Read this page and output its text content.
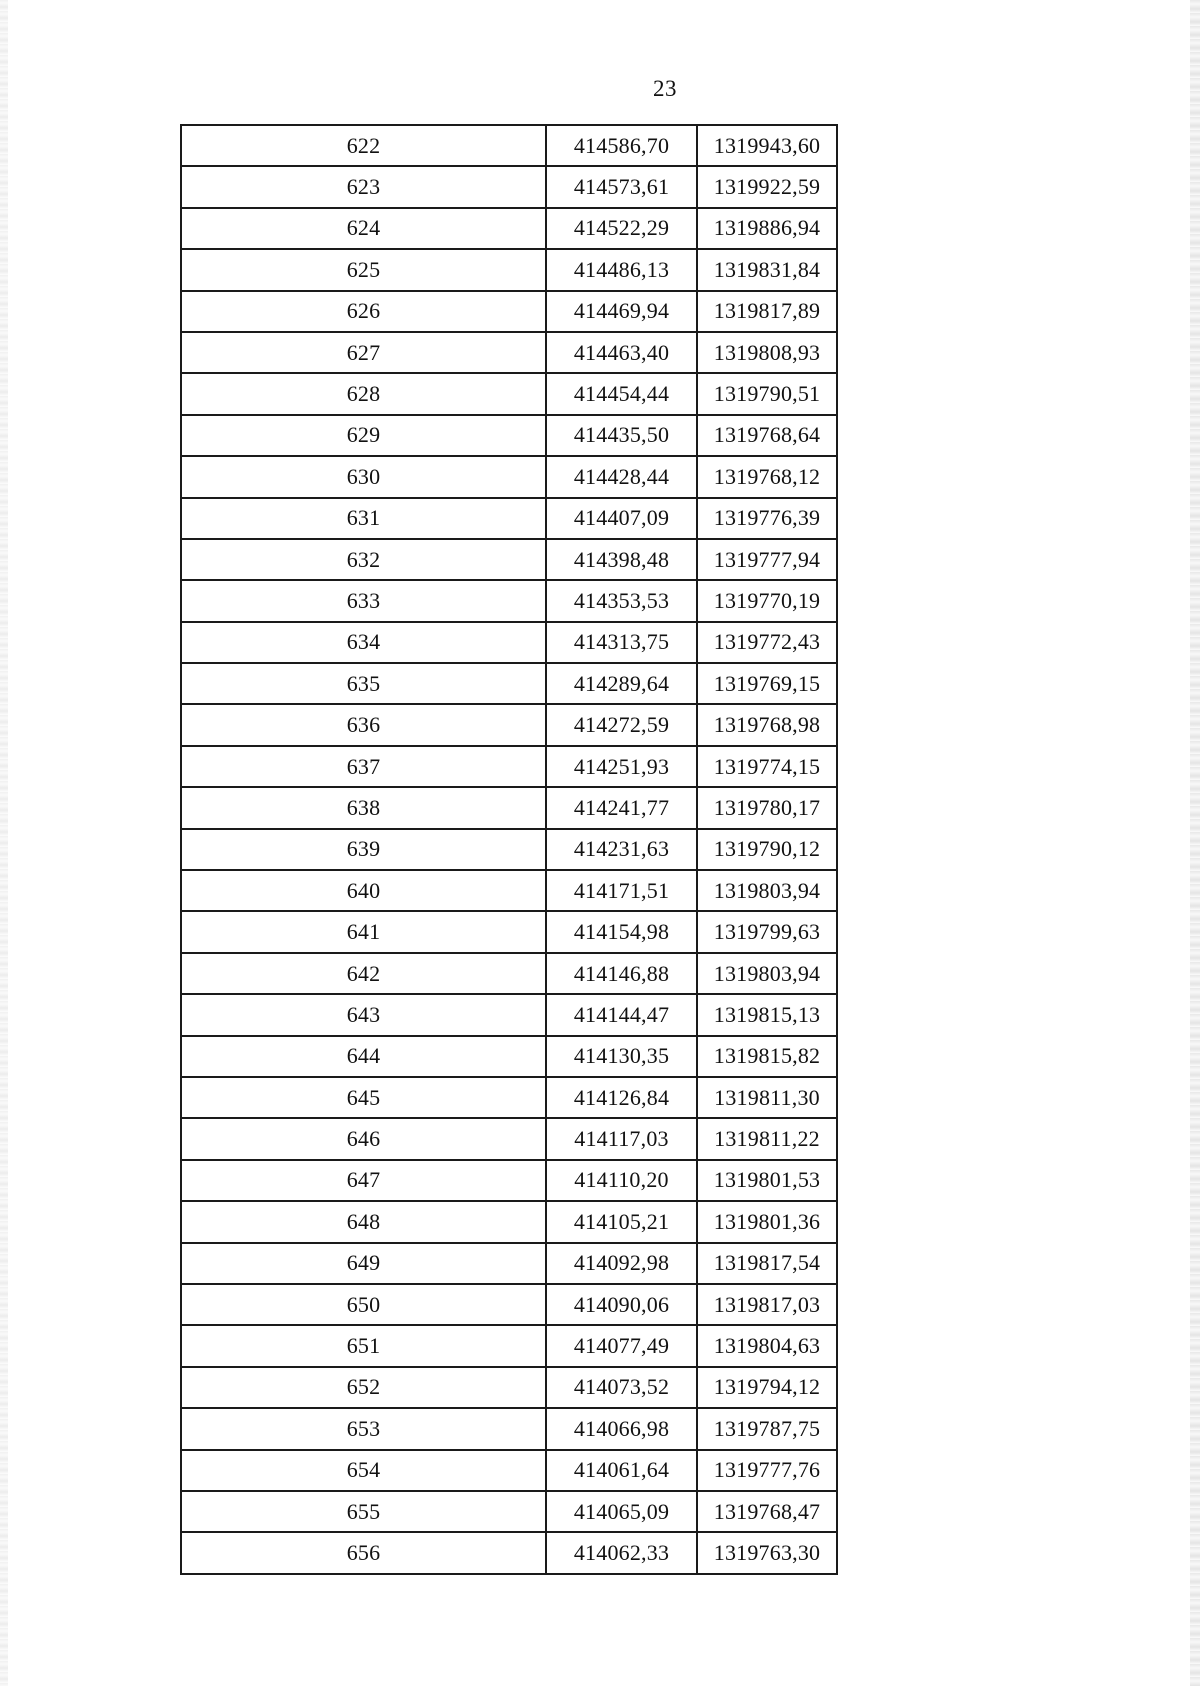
23
622	414586,70	1319943,60
623	414573,61	1319922,59
624	414522,29	1319886,94
625	414486,13	1319831,84
626	414469,94	1319817,89
627	414463,40	1319808,93
628	414454,44	1319790,51
629	414435,50	1319768,64
630	414428,44	1319768,12
631	414407,09	1319776,39
632	414398,48	1319777,94
633	414353,53	1319770,19
634	414313,75	1319772,43
635	414289,64	1319769,15
636	414272,59	1319768,98
637	414251,93	1319774,15
638	414241,77	1319780,17
639	414231,63	1319790,12
640	414171,51	1319803,94
641	414154,98	1319799,63
642	414146,88	1319803,94
643	414144,47	1319815,13
644	414130,35	1319815,82
645	414126,84	1319811,30
646	414117,03	1319811,22
647	414110,20	1319801,53
648	414105,21	1319801,36
649	414092,98	1319817,54
650	414090,06	1319817,03
651	414077,49	1319804,63
652	414073,52	1319794,12
653	414066,98	1319787,75
654	414061,64	1319777,76
655	414065,09	1319768,47
656	414062,33	1319763,30
